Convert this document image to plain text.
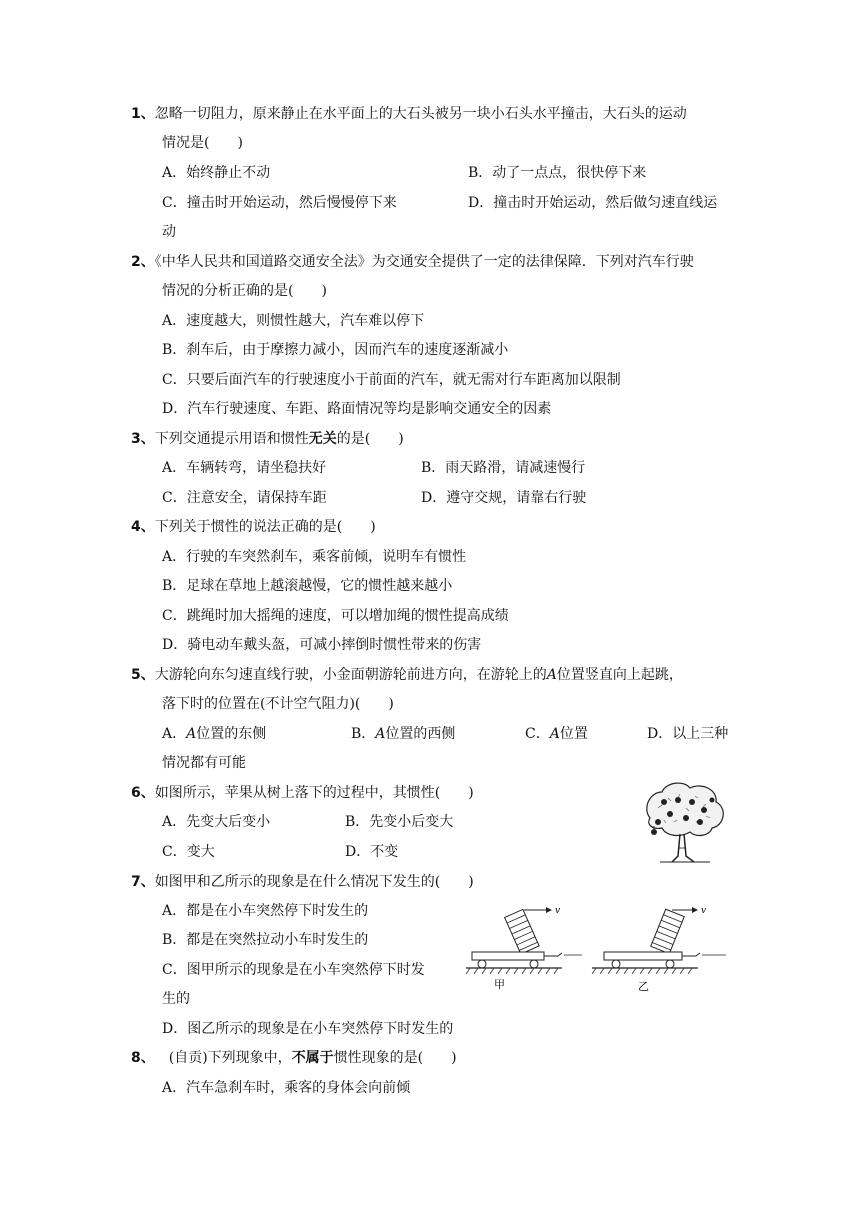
1、忽略一切阻力，原来静止在水平面上的大石头被另一块小石头水平撞击，大石头的运动
情况是(　　)
A．始终静止不动	B．动了一点点，很快停下来
C．撞击时开始运动，然后慢慢停下来	D．撞击时开始运动，然后做匀速直线运
动
2、《中华人民共和国道路交通安全法》为交通安全提供了一定的法律保障．下列对汽车行驶
情况的分析正确的是(　　)
A．速度越大，则惯性越大，汽车难以停下
B．刹车后，由于摩擦力减小，因而汽车的速度逐渐减小
C．只要后面汽车的行驶速度小于前面的汽车，就无需对行车距离加以限制
D．汽车行驶速度、车距、路面情况等均是影响交通安全的因素
3、下列交通提示用语和惯性无关的是(　　)
A．车辆转弯，请坐稳扶好	B．雨天路滑，请减速慢行
C．注意安全，请保持车距	D．遵守交规，请靠右行驶
4、下列关于惯性的说法正确的是(　　)
A．行驶的车突然刹车，乘客前倾，说明车有惯性
B．足球在草地上越滚越慢，它的惯性越来越小
C．跳绳时加大摇绳的速度，可以增加绳的惯性提高成绩
D．骑电动车戴头盔，可减小摔倒时惯性带来的伤害
5、大游轮向东匀速直线行驶，小金面朝游轮前进方向，在游轮上的A位置竖直向上起跳，
落下时的位置在(不计空气阻力)(　　)
A．A位置的东侧	B．A位置的西侧	C．A位置	D．以上三种
情况都有可能
6、如图所示，苹果从树上落下的过程中，其惯性(　　)
A．先变大后变小	B．先变小后变大
C．变大	D．不变
7、如图甲和乙所示的现象是在什么情况下发生的(　　)
A．都是在小车突然停下时发生的
B．都是在突然拉动小车时发生的
C．图甲所示的现象是在小车突然停下时发
生的
D．图乙所示的现象是在小车突然停下时发生的
v
甲
v
乙
8、 (自贡)下列现象中，不属于惯性现象的是(　　)
A．汽车急刹车时，乘客的身体会向前倾
